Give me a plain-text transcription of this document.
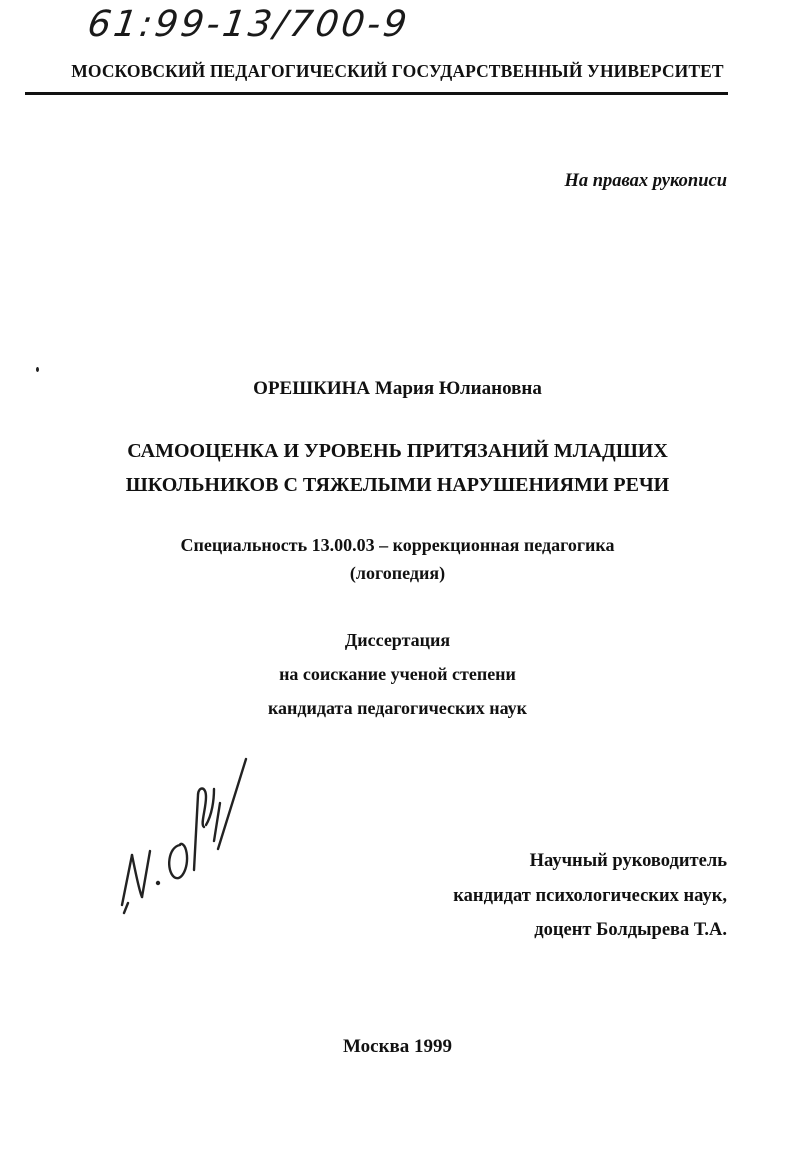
61:99-13/700-9
МОСКОВСКИЙ ПЕДАГОГИЧЕСКИЙ ГОСУДАРСТВЕННЫЙ УНИВЕРСИТЕТ
На правах рукописи
ОРЕШКИНА Мария Юлиановна
САМООЦЕНКА И УРОВЕНЬ ПРИТЯЗАНИЙ МЛАДШИХ
ШКОЛЬНИКОВ С ТЯЖЕЛЫМИ НАРУШЕНИЯМИ РЕЧИ
Специальность 13.00.03 – коррекционная педагогика
(логопедия)
Диссертация
на соискание ученой степени
кандидата педагогических наук
Научный руководитель
кандидат психологических наук,
доцент Болдырева Т.А.
Москва 1999
